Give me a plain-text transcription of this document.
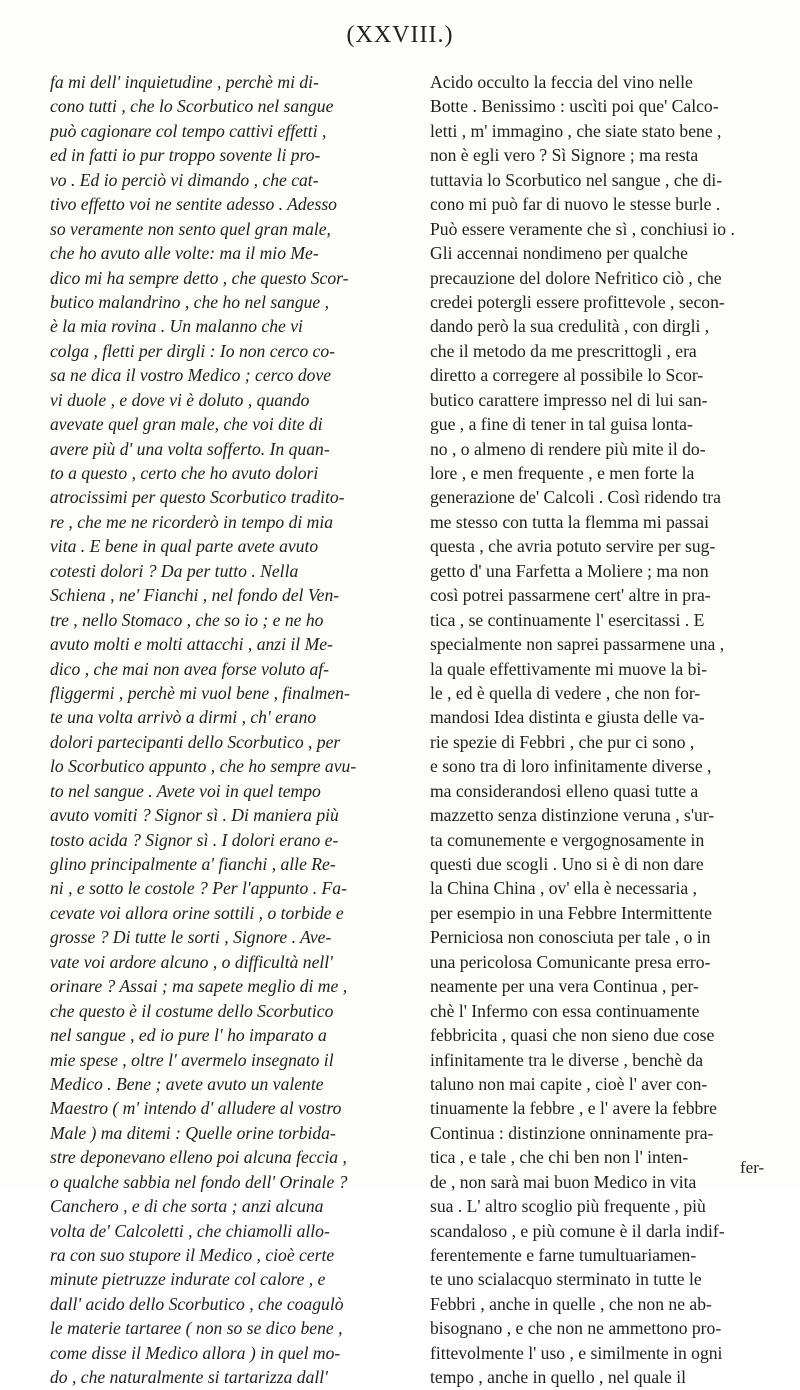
(XXVIII.)
fa mi dell' inquietudine , perchè mi di-
cono tutti , che lo Scorbutico nel sangue
può cagionare col tempo cattivi effetti ,
ed in fatti io pur troppo sovente li pro-
vo . Ed io perciò vi dimando , che cat-
tivo effetto voi ne sentite adesso . Adesso
so veramente non sento quel gran male,
che ho avuto alle volte: ma il mio Me-
dico mi ha sempre detto , che questo Scor-
butico malandrino , che ho nel sangue ,
è la mia rovina . Un malanno che vi
colga , fletti per dirgli : Io non cerco co-
sa ne dica il vostro Medico ; cerco dove
vi duole , e dove vi è doluto , quando
avevate quel gran male, che voi dite di
avere più d' una volta sofferto. In quan-
to a questo , certo che ho avuto dolori
atrocissimi per questo Scorbutico tradito-
re , che me ne ricorderò in tempo di mia
vita . E bene in qual parte avete avuto
cotesti dolori ? Da per tutto . Nella
Schiena , ne' Fianchi , nel fondo del Ven-
tre , nello Stomaco , che so io ; e ne ho
avuto molti e molti attacchi , anzi il Me-
dico , che mai non avea forse voluto af-
fliggermi , perchè mi vuol bene , finalmen-
te una volta arrivò a dirmi , ch' erano
dolori partecipanti dello Scorbutico , per
lo Scorbutico appunto , che ho sempre avu-
to nel sangue . Avete voi in quel tempo
avuto vomiti ? Signor sì . Di maniera più
tosto acida ? Signor sì . I dolori erano e-
glino principalmente a' fianchi , alle Re-
ni , e sotto le costole ? Per l'appunto . Fa-
cevate voi allora orine sottili , o torbide e
grosse ? Di tutte le sorti , Signore . Ave-
vate voi ardore alcuno , o difficultà nell'
orinare ? Assai ; ma sapete meglio di me ,
che questo è il costume dello Scorbutico
nel sangue , ed io pure l' ho imparato a
mie spese , oltre l' avermelo insegnato il
Medico . Bene ; avete avuto un valente
Maestro ( m' intendo d' alludere al vostro
Male ) ma ditemi : Quelle orine torbida-
stre deponevano elleno poi alcuna feccia ,
o qualche sabbia nel fondo dell' Orinale ?
Canchero , e di che sorta ; anzi alcuna
volta de' Calcoletti , che chiamolli allo-
ra con suo stupore il Medico , cioè certe
minute pietruzze indurate col calore , e
dall' acido dello Scorbutico , che coagulò
le materie tartaree ( non so se dico bene ,
come disse il Medico allora ) in quel mo-
do , che naturalmente si tartarizza dall'
Acido occulto la feccia del vino nelle
Botte . Benissimo : uscìti poi que' Calco-
letti , m' immagino , che siate stato bene ,
non è egli vero ? Sì Signore ; ma resta
tuttavia lo Scorbutico nel sangue , che di-
cono mi può far di nuovo le stesse burle .
Può essere veramente che sì , conchiusi io .
Gli accennai nondimeno per qualche
precauzione del dolore Nefritico ciò , che
credei potergli essere profittevole , secon-
dando però la sua credulità , con dirgli ,
che il metodo da me prescrittogli , era
diretto a corregere al possibile lo Scor-
butico carattere impresso nel di lui san-
gue , a fine di tener in tal guisa lonta-
no , o almeno di rendere più mite il do-
lore , e men frequente , e men forte la
generazione de' Calcoli . Così ridendo tra
me stesso con tutta la flemma mi passai
questa , che avria potuto servire per sug-
getto d' una Farfetta a Moliere ; ma non
così potrei passarmene cert' altre in pra-
tica , se continuamente l' esercitassi . E
specialmente non saprei passarmene una ,
la quale effettivamente mi muove la bi-
le , ed è quella di vedere , che non for-
mandosi Idea distinta e giusta delle va-
rie spezie di Febbri , che pur ci sono ,
e sono tra di loro infinitamente diverse ,
ma considerandosi elleno quasi tutte a
mazzetto senza distinzione veruna , s'ur-
ta comunemente e vergognosamente in
questi due scogli . Uno si è di non dare
la China China , ov' ella è necessaria ,
per esempio in una Febbre Intermittente
Perniciosa non conosciuta per tale , o in
una pericolosa Comunicante presa erro-
neamente per una vera Continua , per-
chè l' Infermo con essa continuamente
febbricita , quasi che non sieno due cose
infinitamente tra le diverse , benchè da
taluno non mai capite , cioè l' aver con-
tinuamente la febbre , e l' avere la febbre
Continua : distinzione onninamente pra-
tica , e tale , che chi ben non l' inten-
de , non sarà mai buon Medico in vita
sua . L' altro scoglio più frequente , più
scandaloso , e più comune è il darla indif-
ferentemente e farne tumultuariamen-
te uno scialacquo sterminato in tutte le
Febbri , anche in quelle , che non ne ab-
bisognano , e che non ne ammettono pro-
fittevolmente l' uso , e similmente in ogni
tempo , anche in quello , nel quale il
fer-
